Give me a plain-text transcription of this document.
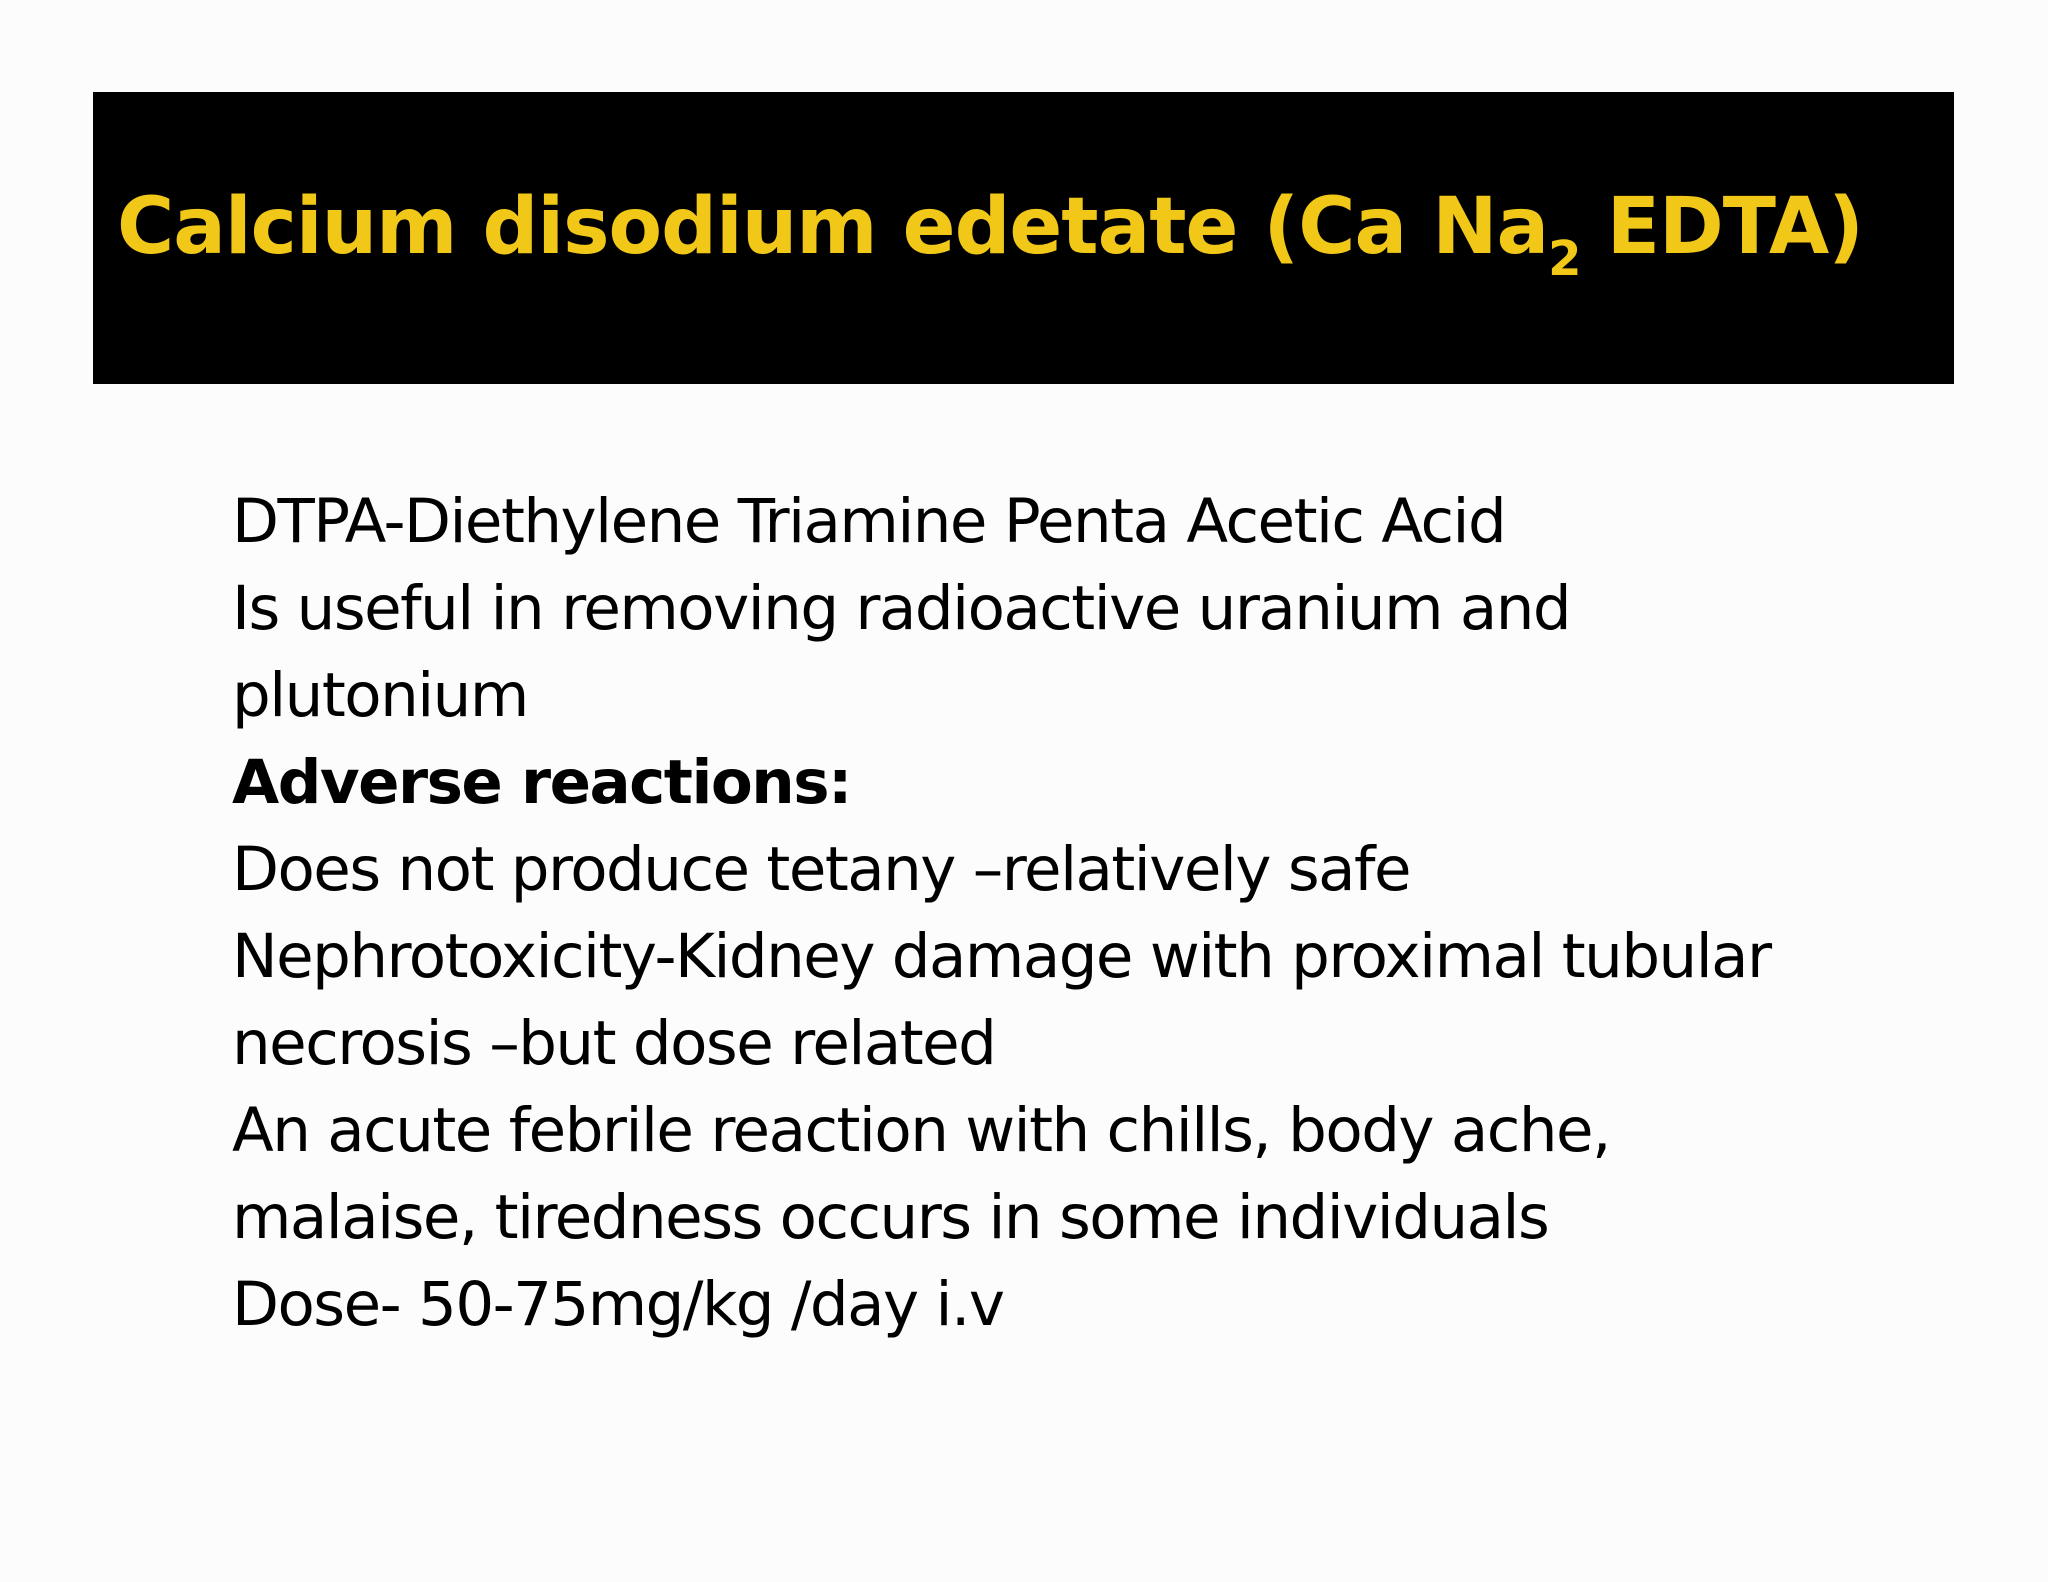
Calcium disodium edetate (Ca $Na_2$ EDTA)
DTPA-Diethylene Triamine Penta Acetic Acid
Is useful in removing radioactive uranium and
plutonium
Adverse reactions:
Does not produce tetany –relatively safe
Nephrotoxicity-Kidney damage with proximal tubular
necrosis –but dose related
An acute febrile reaction with chills, body ache,
malaise, tiredness occurs in some individuals
Dose- 50-75mg/kg /day i.v
